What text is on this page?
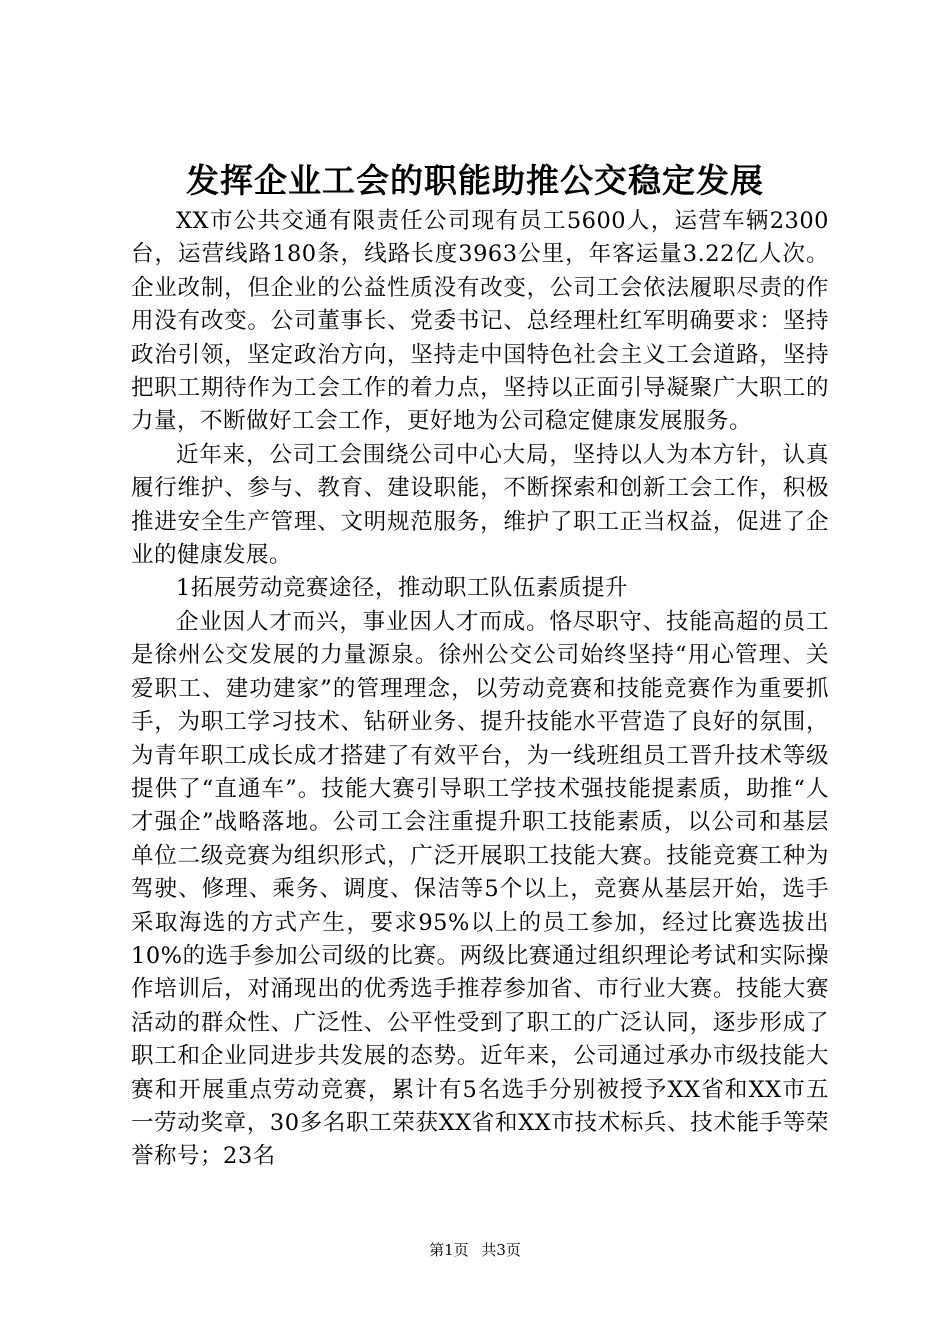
发挥企业工会的职能助推公交稳定发展

XX市公共交通有限责任公司现有员工5600人，运营车辆2300台，运营线路180条，线路长度3963公里，年客运量3.22亿人次。企业改制，但企业的公益性质没有改变，公司工会依法履职尽责的作用没有改变。公司董事长、党委书记、总经理杜红军明确要求：坚持政治引领，坚定政治方向，坚持走中国特色社会主义工会道路，坚持把职工期待作为工会工作的着力点，坚持以正面引导凝聚广大职工的力量，不断做好工会工作，更好地为公司稳定健康发展服务。

近年来，公司工会围绕公司中心大局，坚持以人为本方针，认真履行维护、参与、教育、建设职能，不断探索和创新工会工作，积极推进安全生产管理、文明规范服务，维护了职工正当权益，促进了企业的健康发展。

1拓展劳动竞赛途径，推动职工队伍素质提升

企业因人才而兴，事业因人才而成。恪尽职守、技能高超的员工是徐州公交发展的力量源泉。徐州公交公司始终坚持“用心管理、关爱职工、建功建家”的管理理念，以劳动竞赛和技能竞赛作为重要抓手，为职工学习技术、钻研业务、提升技能水平营造了良好的氛围，为青年职工成长成才搭建了有效平台，为一线班组员工晋升技术等级提供了“直通车”。技能大赛引导职工学技术强技能提素质，助推“人才强企”战略落地。公司工会注重提升职工技能素质，以公司和基层单位二级竞赛为组织形式，广泛开展职工技能大赛。技能竞赛工种为驾驶、修理、乘务、调度、保洁等5个以上，竞赛从基层开始，选手采取海选的方式产生，要求95%以上的员工参加，经过比赛选拔出10%的选手参加公司级的比赛。两级比赛通过组织理论考试和实际操作培训后，对涌现出的优秀选手推荐参加省、市行业大赛。技能大赛活动的群众性、广泛性、公平性受到了职工的广泛认同，逐步形成了职工和企业同进步共发展的态势。近年来，公司通过承办市级技能大赛和开展重点劳动竞赛，累计有5名选手分别被授予XX省和XX市五一劳动奖章，30多名职工荣获XX省和XX市技术标兵、技术能手等荣誉称号；23名

第1页 共3页
